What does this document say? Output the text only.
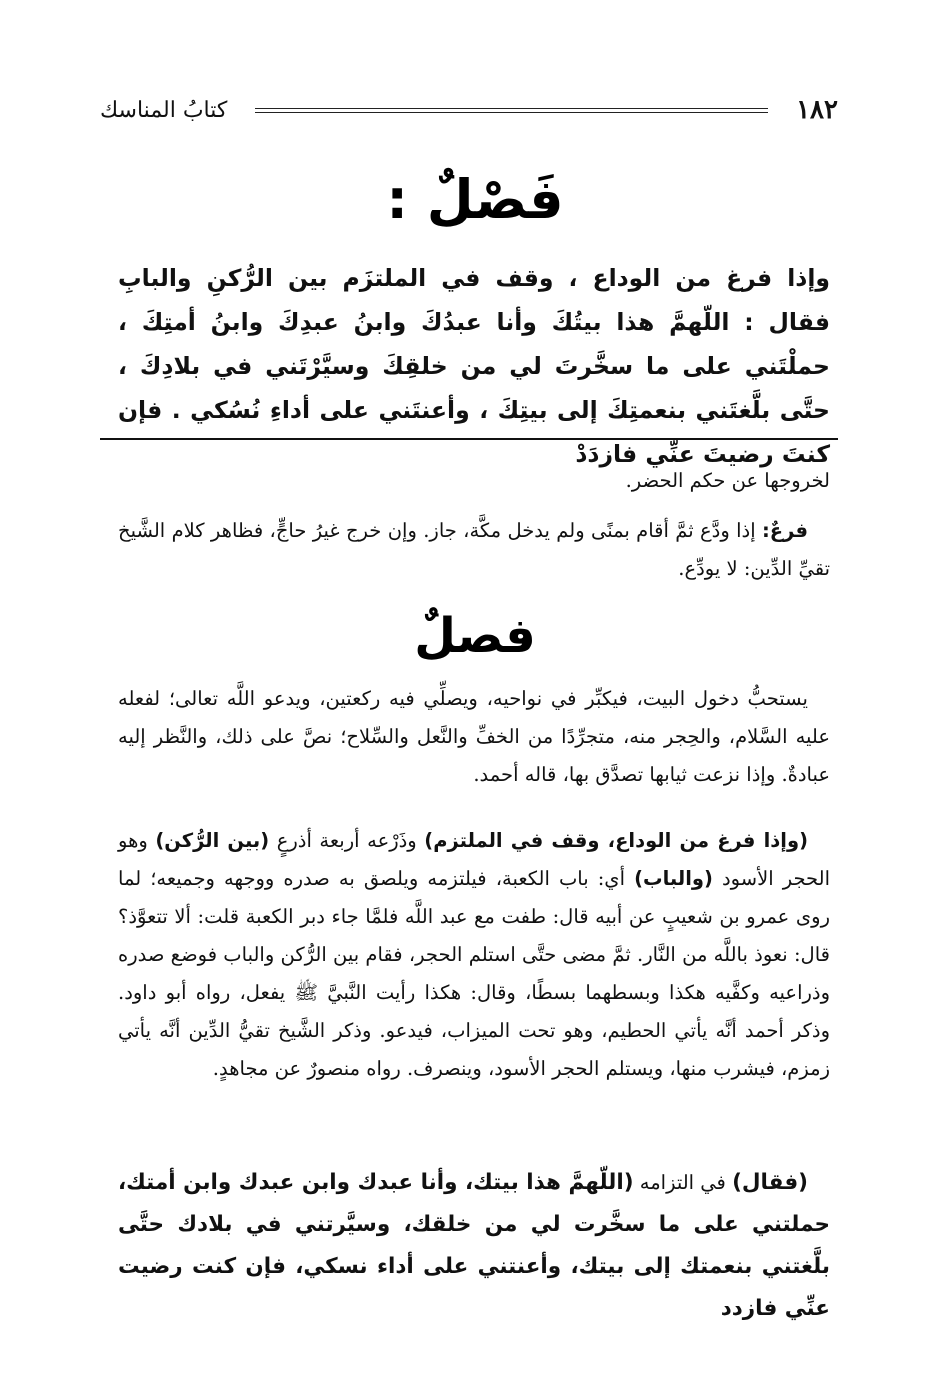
١٨٢
كتابُ المناسك
فَصْلٌ :
وإذا فرغ من الوداع ، وقف في الملتزَم بين الرُّكنِ والبابِ فقال : اللّهمَّ هذا بيتُكَ وأنا عبدُكَ وابنُ عبدِكَ وابنُ أمتِكَ ، حملْتَني على ما سخَّرتَ لي من خلقِكَ وسيَّرْتَني في بلادِكَ ، حتَّى بلَّغتَني بنعمتِكَ إلى بيتِكَ ، وأعنتَني على أداءِ نُسُكي . فإن كنتَ رضيتَ عنِّي فازدَدْ
لخروجها عن حكم الحضر.
فرعٌ: إذا ودَّع ثمَّ أقام بمنًى ولم يدخل مكَّة، جاز. وإن خرج غيرُ حاجٍّ، فظاهر كلام الشَّيخ تقيِّ الدِّين: لا يودِّع.
فصلٌ
يستحبُّ دخول البيت، فيكبِّر في نواحيه، ويصلِّي فيه ركعتين، ويدعو اللَّه تعالى؛ لفعله عليه السَّلام، والحِجر منه، متجرِّدًا من الخفِّ والنَّعل والسِّلاح؛ نصَّ على ذلك، والنَّظر إليه عبادةٌ. وإذا نزعت ثيابها تصدَّق بها، قاله أحمد.
(وإذا فرغ من الوداع، وقف في الملتزم) وذَرْعه أربعة أذرعٍ (بين الرُّكن) وهو الحجر الأسود (والباب) أي: باب الكعبة، فيلتزمه ويلصق به صدره ووجهه وجميعه؛ لما روى عمرو بن شعيبٍ عن أبيه قال: طفت مع عبد اللَّه فلمَّا جاء دبر الكعبة قلت: ألا تتعوَّذ؟ قال: نعوذ باللَّه من النَّار. ثمَّ مضى حتَّى استلم الحجر، فقام بين الرُّكن والباب فوضع صدره وذراعيه وكفَّيه هكذا وبسطهما بسطًا، وقال: هكذا رأيت النَّبيَّ ﷺ يفعل، رواه أبو داود. وذكر أحمد أنَّه يأتي الحطيم، وهو تحت الميزاب، فيدعو. وذكر الشَّيخ تقيُّ الدِّين أنَّه يأتي زمزم، فيشرب منها، ويستلم الحجر الأسود، وينصرف. رواه منصورٌ عن مجاهدٍ.
(فقال) في التزامه (اللّهمَّ هذا بيتك، وأنا عبدك وابن عبدك وابن أمتك، حملتني على ما سخَّرت لي من خلقك، وسيَّرتني في بلادك حتَّى بلَّغتني بنعمتك إلى بيتك، وأعنتني على أداء نسكي، فإن كنت رضيت عنِّي فازدد
